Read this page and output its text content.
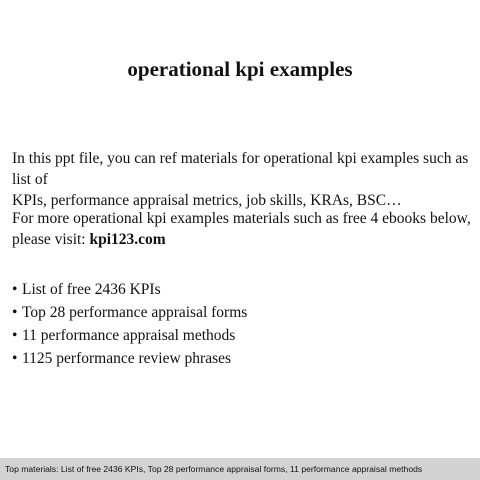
operational kpi examples
In this ppt file, you can ref materials for operational kpi examples such as list of
KPIs, performance appraisal metrics, job skills, KRAs, BSC…
For more operational kpi examples materials such as free 4 ebooks below,
please visit: kpi123.com
• List of free 2436 KPIs
• Top 28 performance appraisal forms
• 11 performance appraisal methods
• 1125 performance review phrases
Top materials: List of free 2436 KPIs, Top 28 performance appraisal forms, 11 performance appraisal methods
